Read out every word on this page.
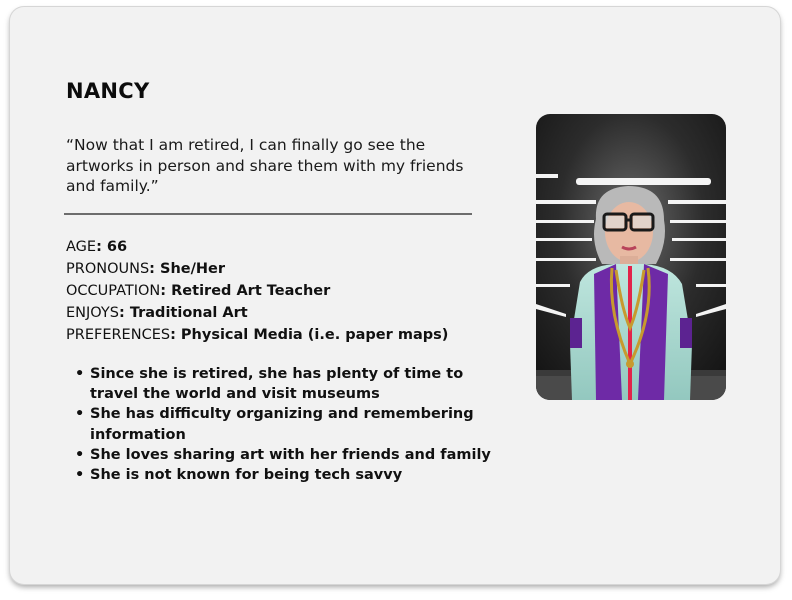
NANCY

“Now that I am retired, I can finally go see the artworks in person and share them with my friends and family.”

AGE: 66
PRONOUNS: She/Her
OCCUPATION: Retired Art Teacher
ENJOYS: Traditional Art
PREFERENCES: Physical Media (i.e. paper maps)
• Since she is retired, she has plenty of time to travel the world and visit museums
• She has difficulty organizing and remembering information
• She loves sharing art with her friends and family
• She is not known for being tech savvy
